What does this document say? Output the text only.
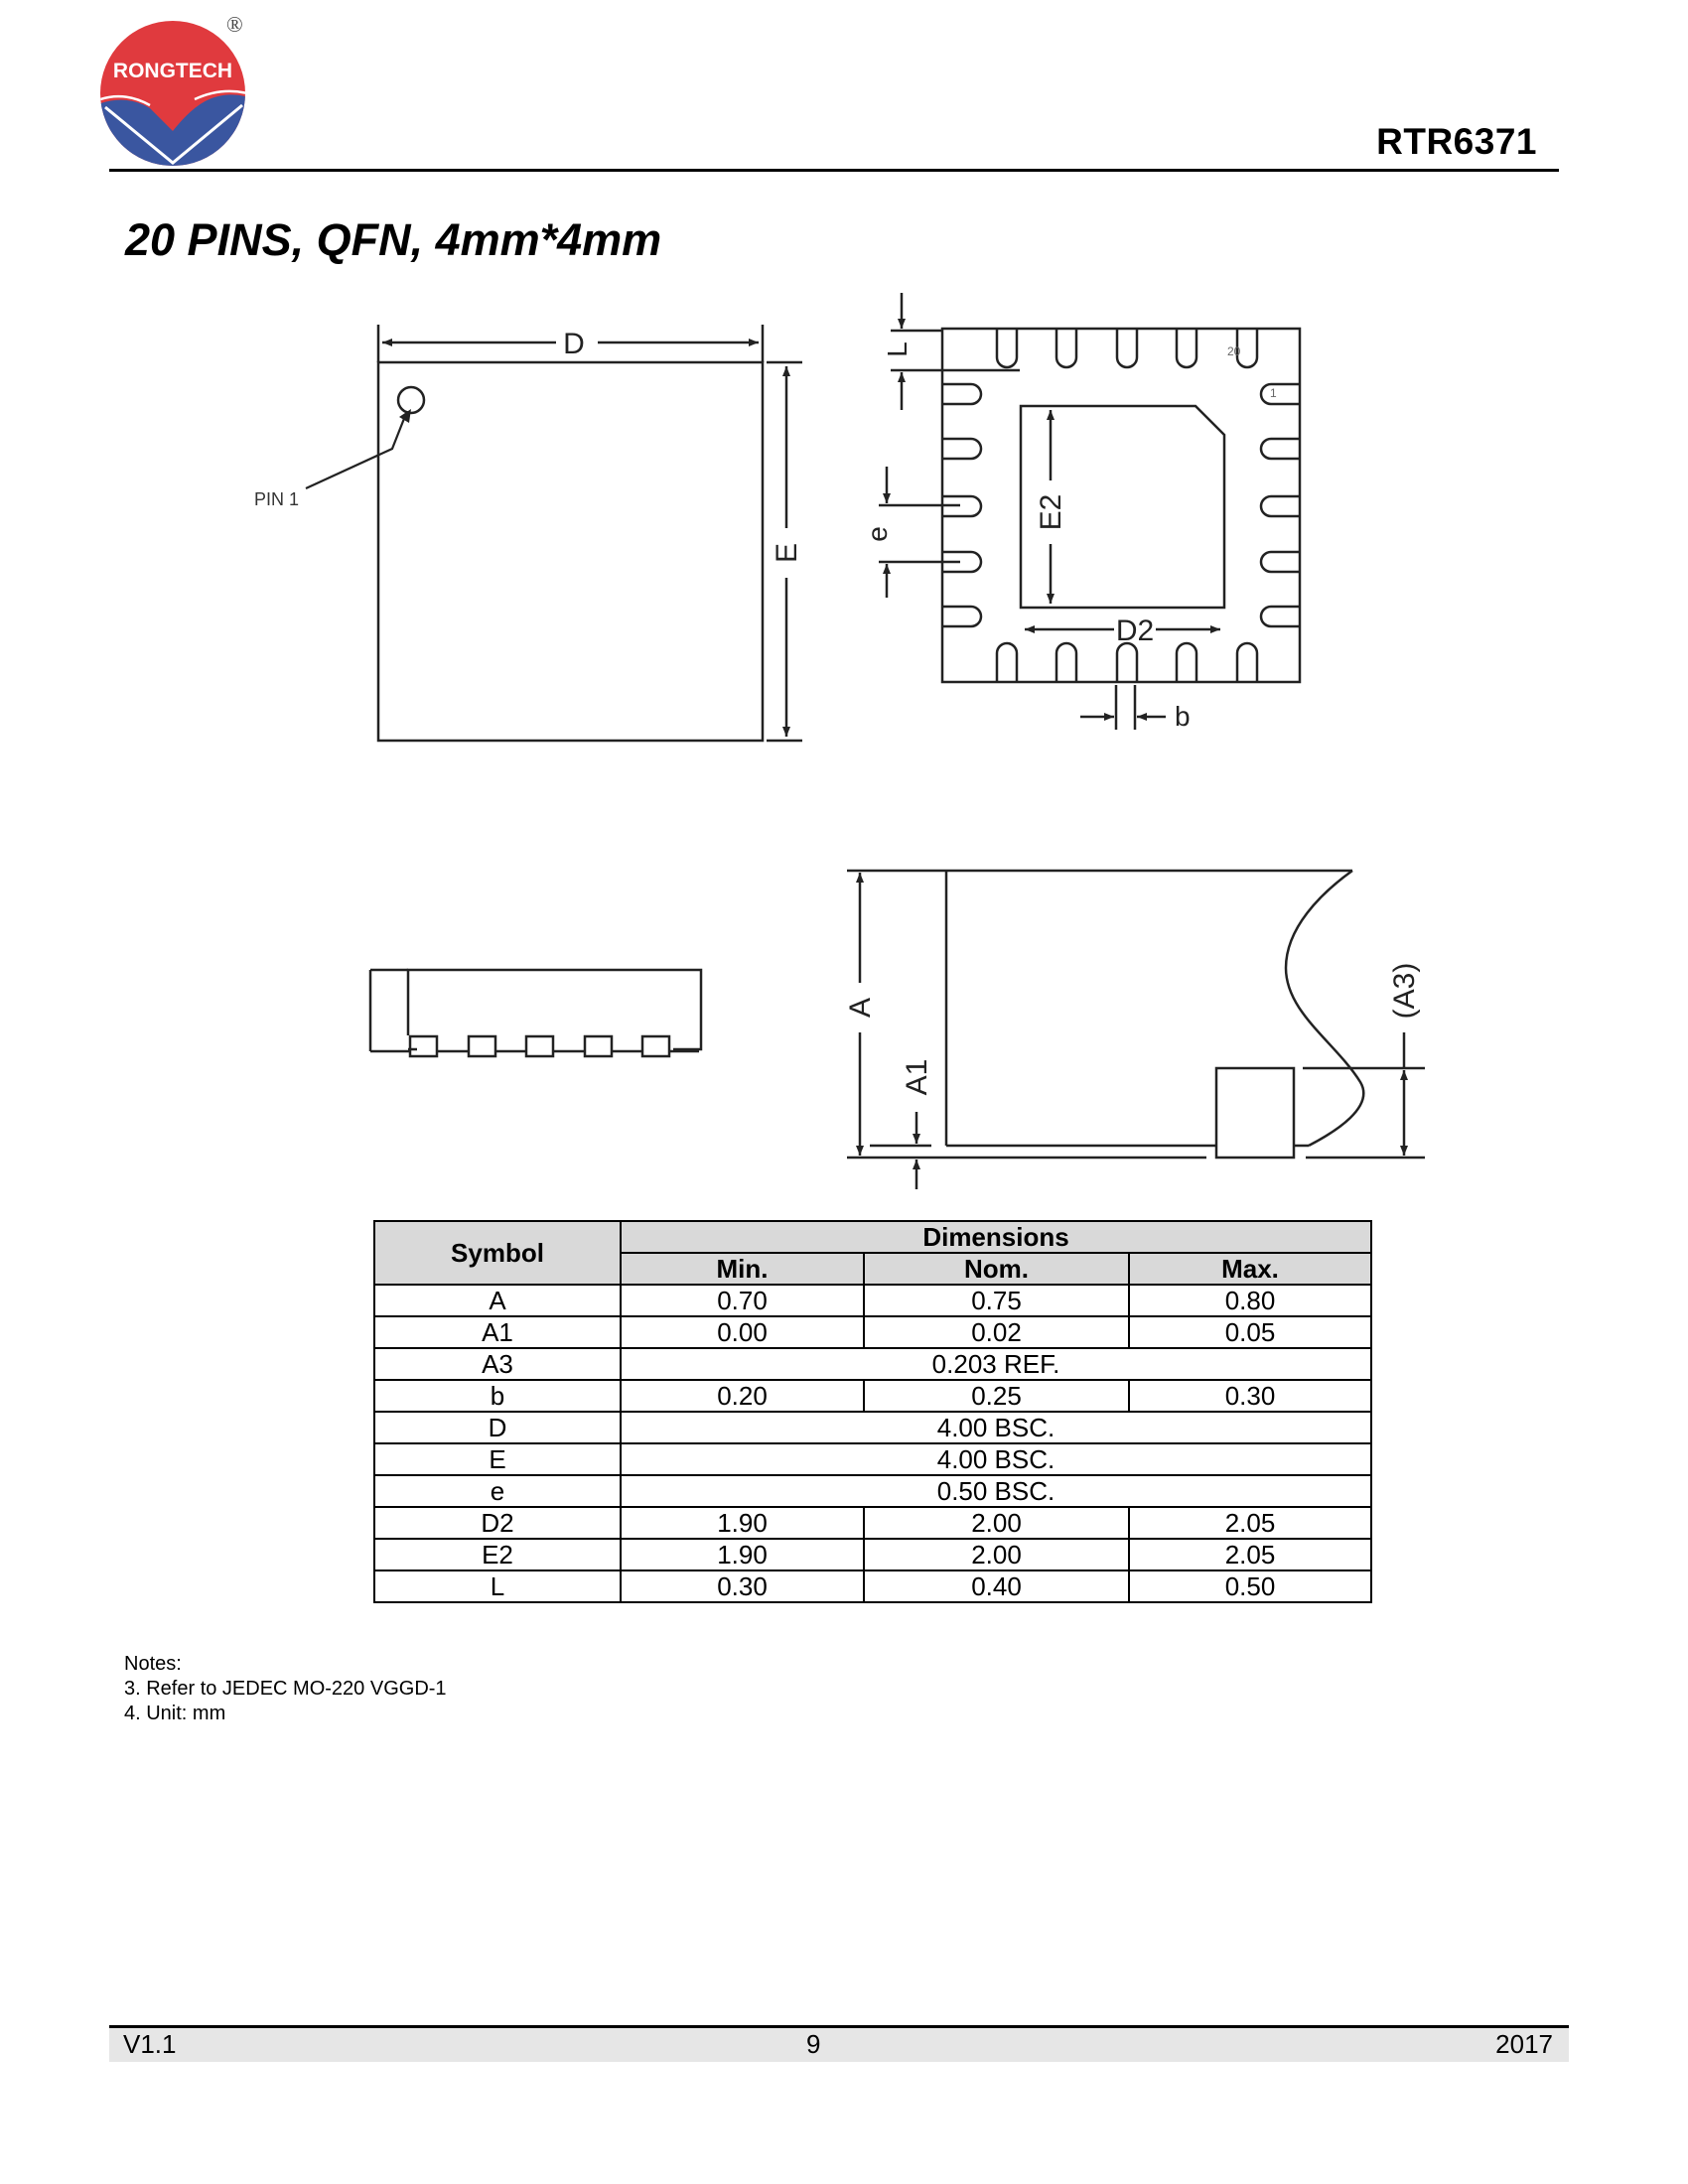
RONGTECH
®
RTR6371
20 PINS, QFN, 4mm*4mm
D
E
PIN 1	E2
D2
L
e
b
20
1
A
A1
(A3)
Symbol	Dimensions		
	Min.	Nom.	Max.
A	0.70	0.75	0.80
A1	0.00	0.02	0.05
A3	0.203 REF.		
b	0.20	0.25	0.30
D	4.00 BSC.		
E	4.00 BSC.		
e	0.50 BSC.		
D2	1.90	2.00	2.05
E2	1.90	2.00	2.05
L	0.30	0.40	0.50
Notes:
3. Refer to JEDEC MO-220 VGGD-1
4. Unit: mm
V1.1	9	2017
